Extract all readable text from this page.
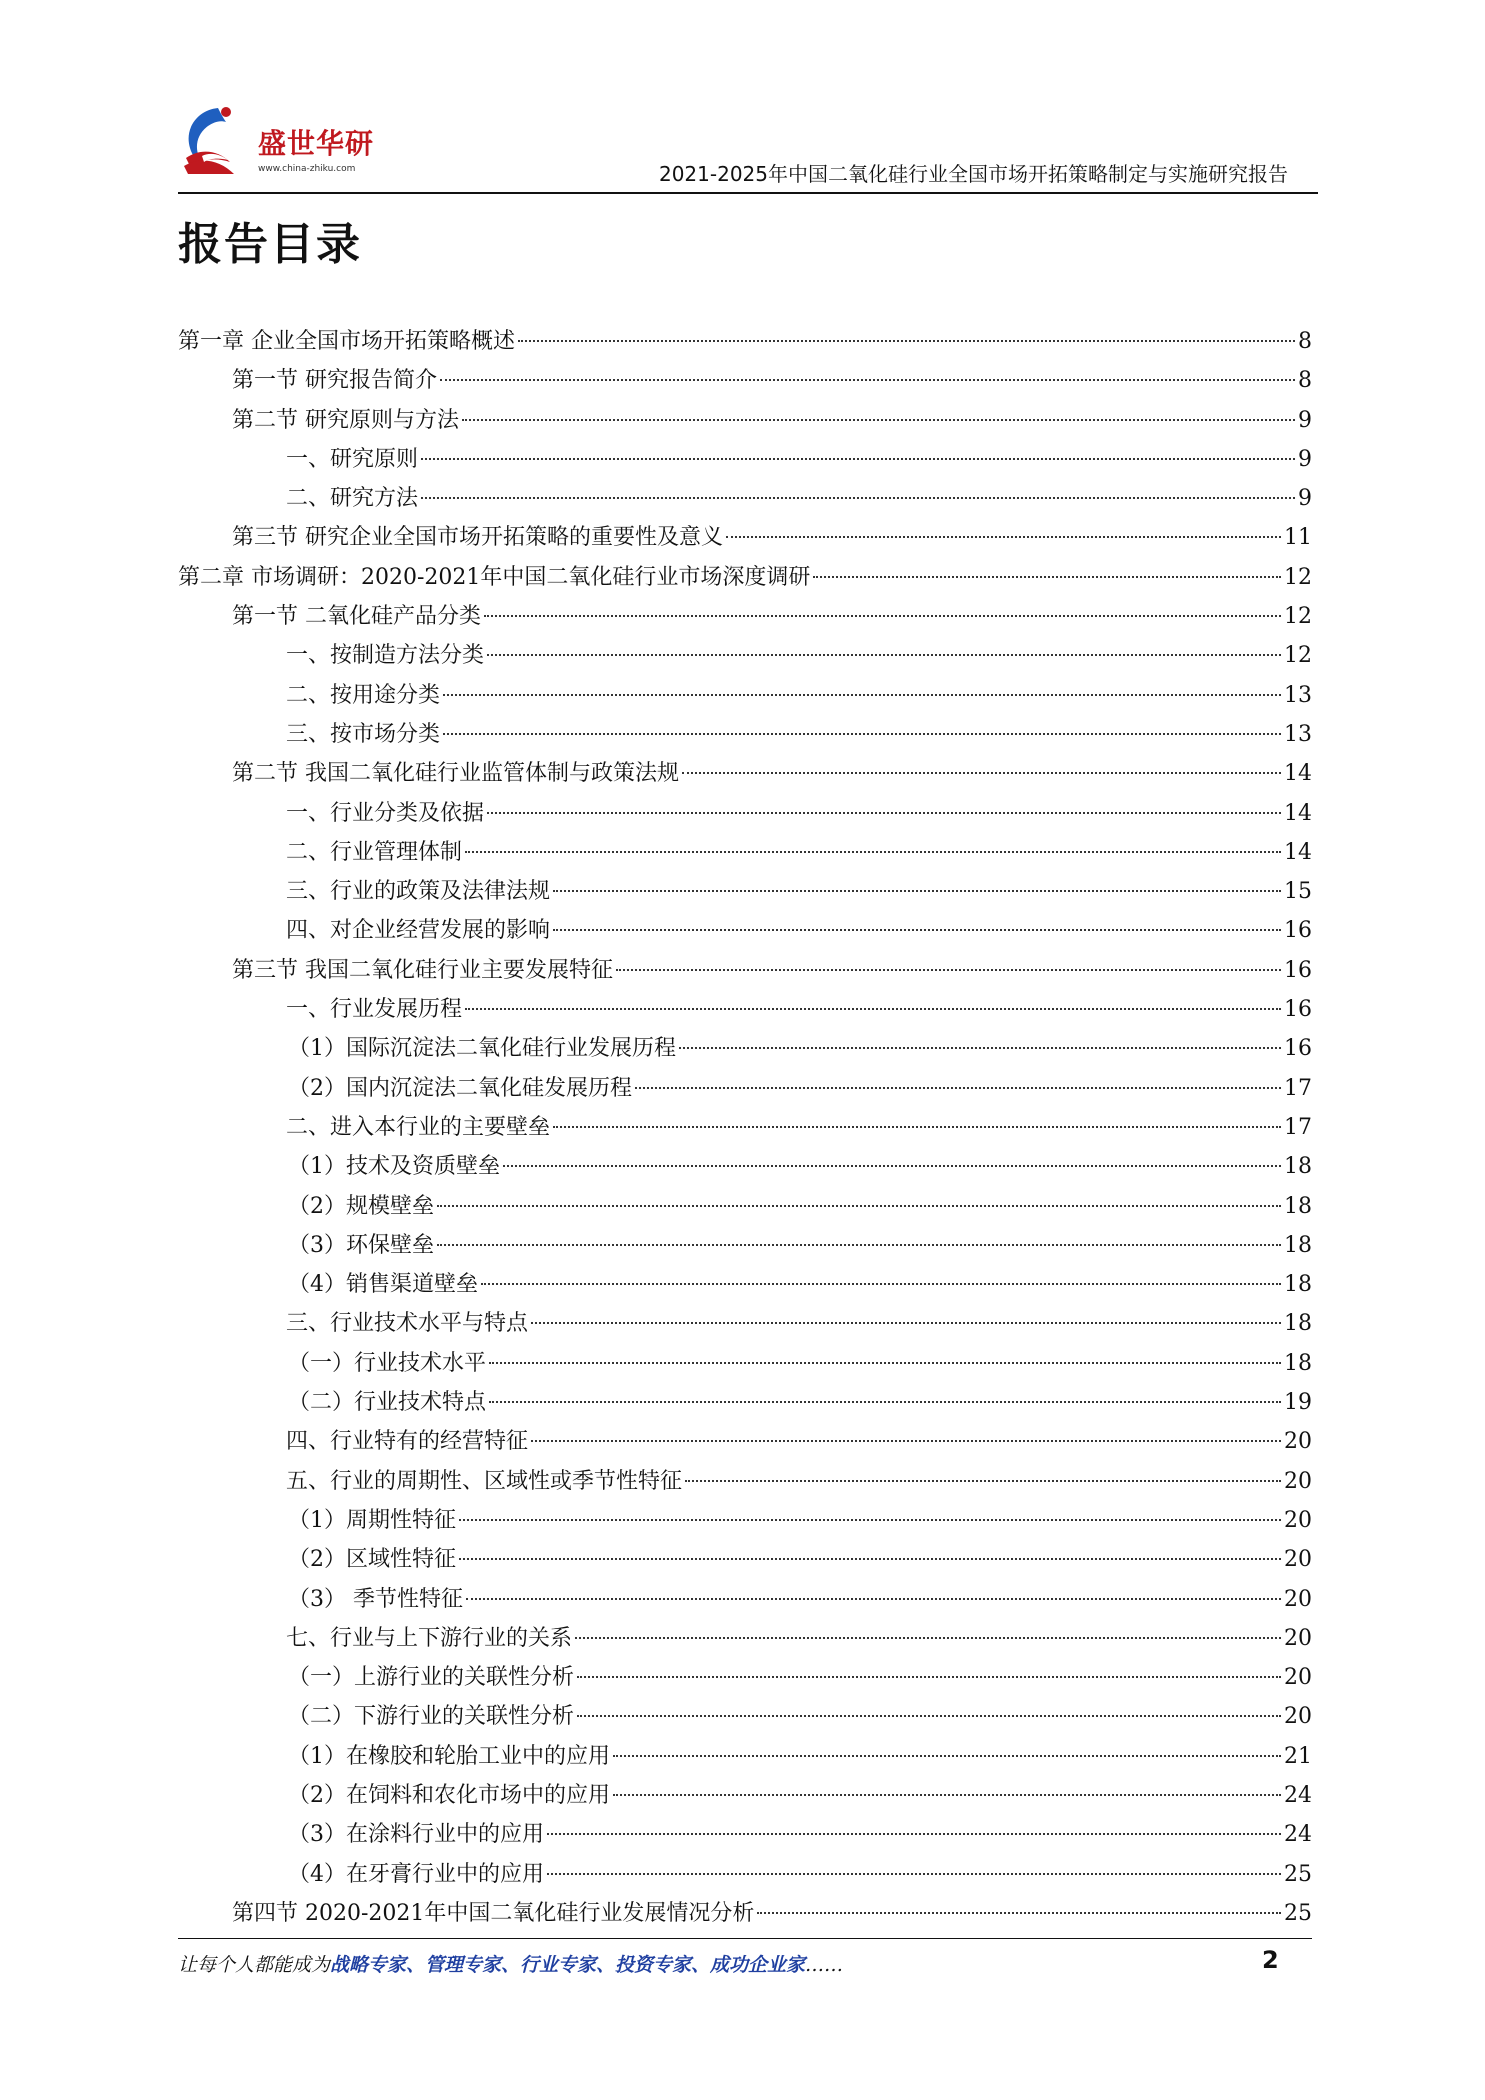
盛世华研
www.china-zhiku.com	2021-2025年中国二氧化硅行业全国市场开拓策略制定与实施研究报告
报告目录
第一章 企业全国市场开拓策略概述	8
第一节 研究报告简介	8
第二节 研究原则与方法	9
一、研究原则	9
二、研究方法	9
第三节 研究企业全国市场开拓策略的重要性及意义	11
第二章 市场调研：2020-2021年中国二氧化硅行业市场深度调研	12
第一节 二氧化硅产品分类	12
一、按制造方法分类	12
二、按用途分类	13
三、按市场分类	13
第二节 我国二氧化硅行业监管体制与政策法规	14
一、行业分类及依据	14
二、行业管理体制	14
三、行业的政策及法律法规	15
四、对企业经营发展的影响	16
第三节 我国二氧化硅行业主要发展特征	16
一、行业发展历程	16
（1）国际沉淀法二氧化硅行业发展历程	16
（2）国内沉淀法二氧化硅发展历程	17
二、进入本行业的主要壁垒	17
（1）技术及资质壁垒	18
（2）规模壁垒	18
（3）环保壁垒	18
（4）销售渠道壁垒	18
三、行业技术水平与特点	18
（一）行业技术水平	18
（二）行业技术特点	19
四、行业特有的经营特征	20
五、行业的周期性、区域性或季节性特征	20
（1）周期性特征	20
（2）区域性特征	20
（3） 季节性特征	20
七、行业与上下游行业的关系	20
（一）上游行业的关联性分析	20
（二）下游行业的关联性分析	20
（1）在橡胶和轮胎工业中的应用	21
（2）在饲料和农化市场中的应用	24
（3）在涂料行业中的应用	24
（4）在牙膏行业中的应用	25
第四节 2020-2021年中国二氧化硅行业发展情况分析	25
让每个人都能成为战略专家、管理专家、行业专家、投资专家、成功企业家……	2
